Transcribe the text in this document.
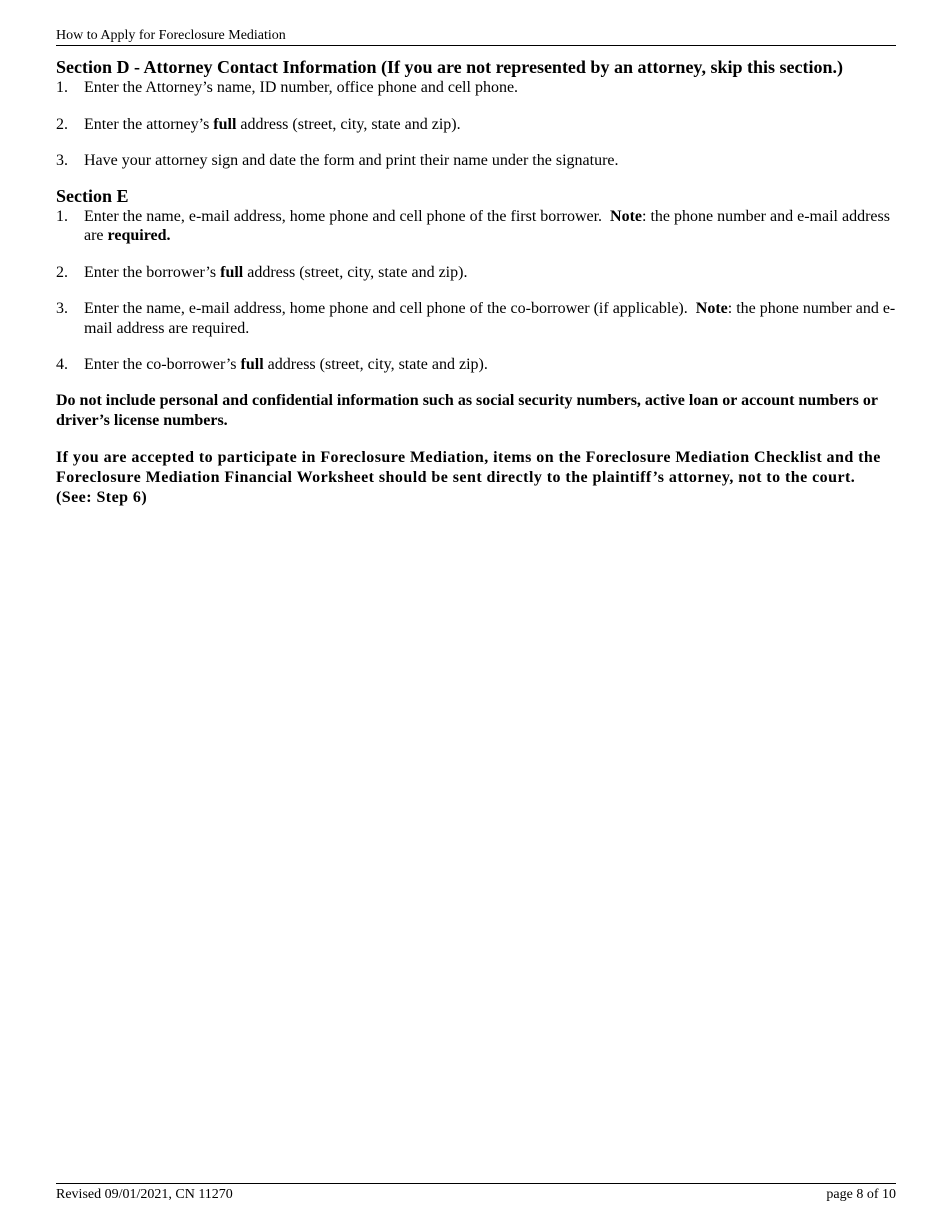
How to Apply for Foreclosure Mediation
Section D - Attorney Contact Information (If you are not represented by an attorney, skip this section.)
1. Enter the Attorney’s name, ID number, office phone and cell phone.
2. Enter the attorney’s full address (street, city, state and zip).
3. Have your attorney sign and date the form and print their name under the signature.
Section E
1. Enter the name, e-mail address, home phone and cell phone of the first borrower.  Note: the phone number and e-mail address are required.
2. Enter the borrower’s full address (street, city, state and zip).
3. Enter the name, e-mail address, home phone and cell phone of the co-borrower (if applicable).  Note: the phone number and e-mail address are required.
4. Enter the co-borrower’s full address (street, city, state and zip).

Do not include personal and confidential information such as social security numbers, active loan or account numbers or driver’s license numbers.

If you are accepted to participate in Foreclosure Mediation, items on the Foreclosure Mediation Checklist and the Foreclosure Mediation Financial Worksheet should be sent directly to the plaintiff’s attorney, not to the court.  (See: Step 6)

Revised 09/01/2021, CN 11270	page 8 of 10
